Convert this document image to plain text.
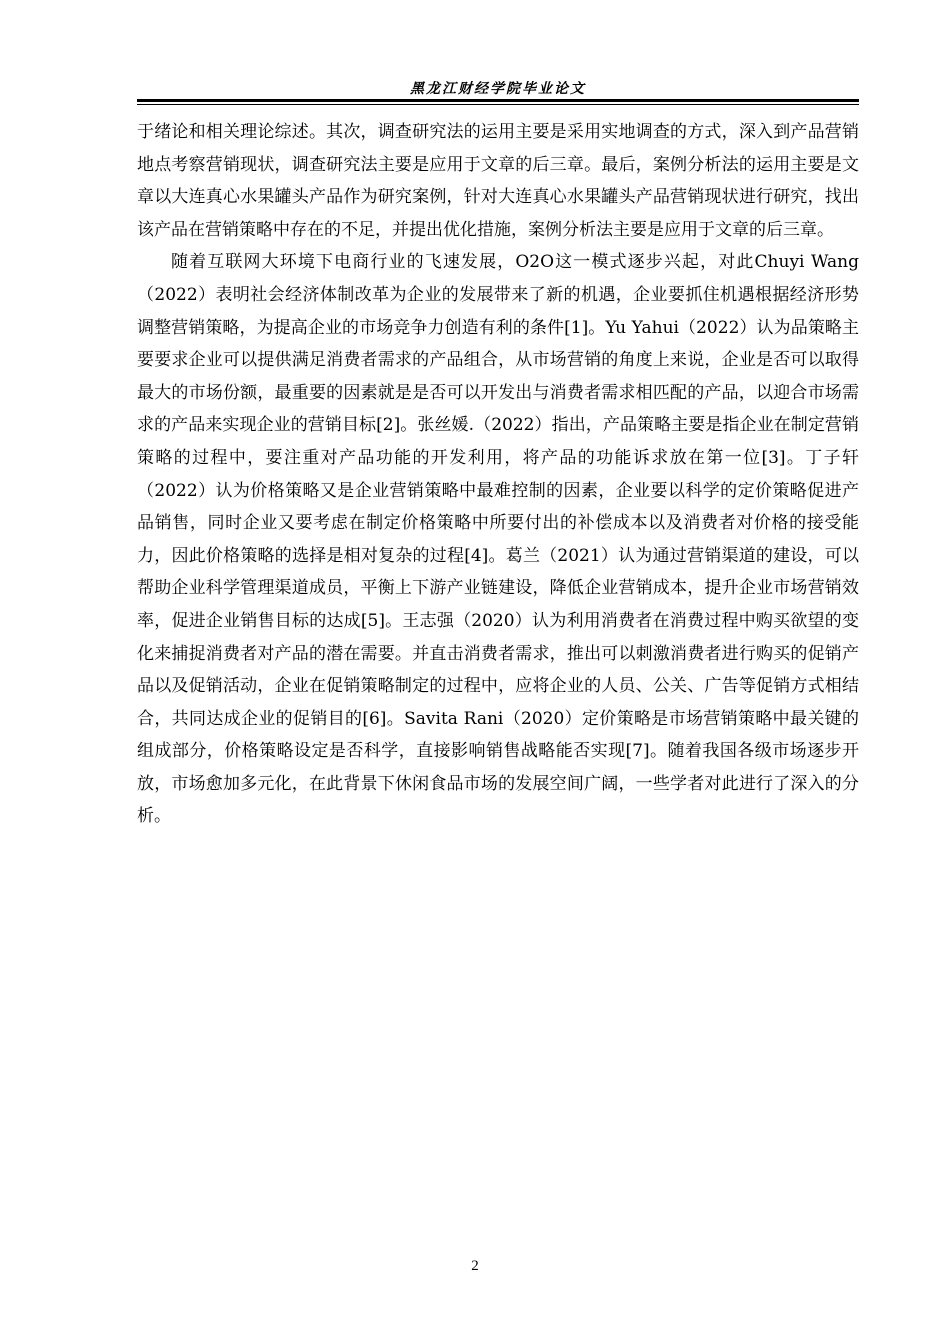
黑龙江财经学院毕业论文

于绪论和相关理论综述。其次，调查研究法的运用主要是采用实地调查的方式，深入到产品营销地点考察营销现状，调查研究法主要是应用于文章的后三章。最后，案例分析法的运用主要是文章以大连真心水果罐头产品作为研究案例，针对大连真心水果罐头产品营销现状进行研究，找出该产品在营销策略中存在的不足，并提出优化措施，案例分析法主要是应用于文章的后三章。

随着互联网大环境下电商行业的飞速发展，O2O这一模式逐步兴起，对此Chuyi Wang（2022）表明社会经济体制改革为企业的发展带来了新的机遇，企业要抓住机遇根据经济形势调整营销策略，为提高企业的市场竞争力创造有利的条件[1]。Yu Yahui（2022）认为品策略主要要求企业可以提供满足消费者需求的产品组合，从市场营销的角度上来说，企业是否可以取得最大的市场份额，最重要的因素就是是否可以开发出与消费者需求相匹配的产品，以迎合市场需求的产品来实现企业的营销目标[2]。张丝媛.（2022）指出，产品策略主要是指企业在制定营销策略的过程中，要注重对产品功能的开发利用，将产品的功能诉求放在第一位[3]。丁子轩（2022）认为价格策略又是企业营销策略中最难控制的因素，企业要以科学的定价策略促进产品销售，同时企业又要考虑在制定价格策略中所要付出的补偿成本以及消费者对价格的接受能力，因此价格策略的选择是相对复杂的过程[4]。葛兰（2021）认为通过营销渠道的建设，可以帮助企业科学管理渠道成员，平衡上下游产业链建设，降低企业营销成本，提升企业市场营销效率，促进企业销售目标的达成[5]。王志强（2020）认为利用消费者在消费过程中购买欲望的变化来捕捉消费者对产品的潜在需要。并直击消费者需求，推出可以刺激消费者进行购买的促销产品以及促销活动，企业在促销策略制定的过程中，应将企业的人员、公关、广告等促销方式相结合，共同达成企业的促销目的[6]。Savita Rani（2020）定价策略是市场营销策略中最关键的组成部分，价格策略设定是否科学，直接影响销售战略能否实现[7]。随着我国各级市场逐步开放，市场愈加多元化，在此背景下休闲食品市场的发展空间广阔，一些学者对此进行了深入的分析。

2
